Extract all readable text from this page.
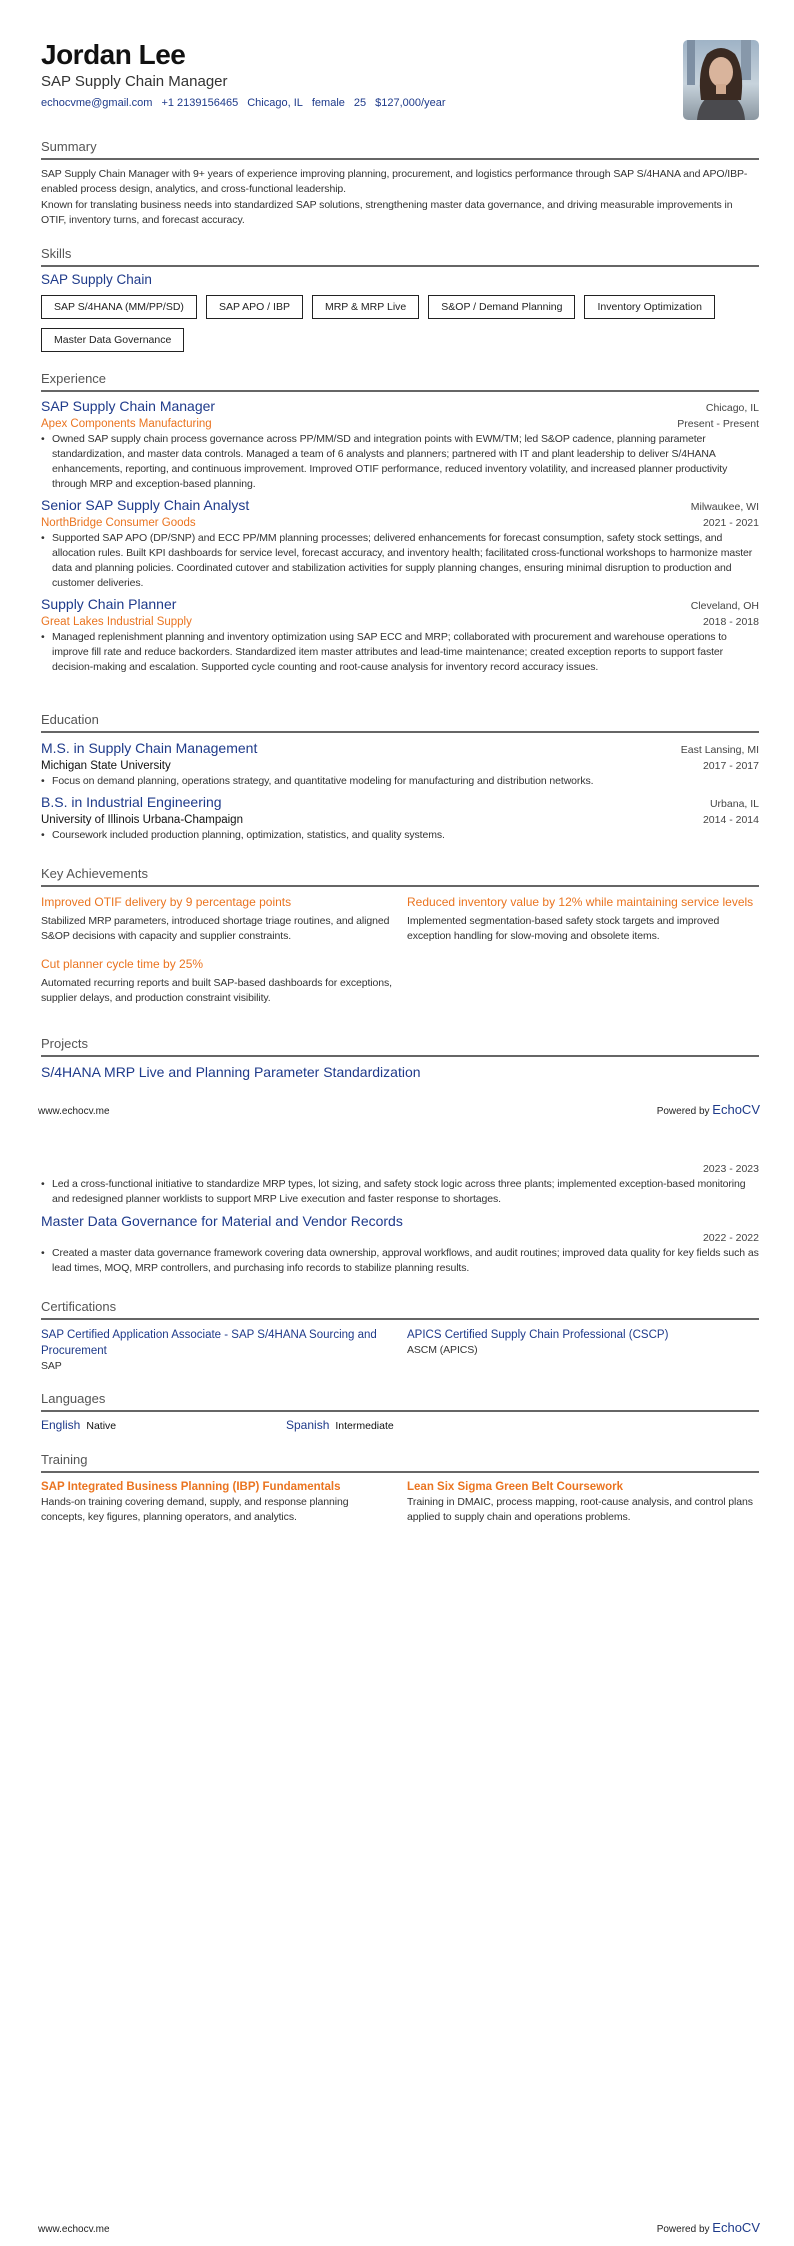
Jordan Lee
SAP Supply Chain Manager
echocvme@gmail.com +1 2139156465 Chicago, IL female 25 $127,000/year
Summary
SAP Supply Chain Manager with 9+ years of experience improving planning, procurement, and logistics performance through SAP S/4HANA and APO/IBP-enabled process design, analytics, and cross-functional leadership.
Known for translating business needs into standardized SAP solutions, strengthening master data governance, and driving measurable improvements in OTIF, inventory turns, and forecast accuracy.
Skills
SAP Supply Chain
SAP S/4HANA (MM/PP/SD)	SAP APO / IBP	MRP & MRP Live	S&OP / Demand Planning	Inventory Optimization
Master Data Governance
Experience
SAP Supply Chain Manager	Chicago, IL
Apex Components Manufacturing	Present - Present
• Owned SAP supply chain process governance across PP/MM/SD and integration points with EWM/TM; led S&OP cadence, planning parameter standardization, and master data controls. Managed a team of 6 analysts and planners; partnered with IT and plant leadership to deliver S/4HANA enhancements, reporting, and continuous improvement. Improved OTIF performance, reduced inventory volatility, and increased planner productivity through MRP and exception-based planning.
Senior SAP Supply Chain Analyst	Milwaukee, WI
NorthBridge Consumer Goods	2021 - 2021
• Supported SAP APO (DP/SNP) and ECC PP/MM planning processes; delivered enhancements for forecast consumption, safety stock settings, and allocation rules. Built KPI dashboards for service level, forecast accuracy, and inventory health; facilitated cross-functional workshops to harmonize master data and planning policies. Coordinated cutover and stabilization activities for supply planning changes, ensuring minimal disruption to production and customer deliveries.
Supply Chain Planner	Cleveland, OH
Great Lakes Industrial Supply	2018 - 2018
• Managed replenishment planning and inventory optimization using SAP ECC and MRP; collaborated with procurement and warehouse operations to improve fill rate and reduce backorders. Standardized item master attributes and lead-time maintenance; created exception reports to support faster decision-making and escalation. Supported cycle counting and root-cause analysis for inventory record accuracy issues.
Education
M.S. in Supply Chain Management	East Lansing, MI
Michigan State University	2017 - 2017
• Focus on demand planning, operations strategy, and quantitative modeling for manufacturing and distribution networks.
B.S. in Industrial Engineering	Urbana, IL
University of Illinois Urbana-Champaign	2014 - 2014
• Coursework included production planning, optimization, statistics, and quality systems.
Key Achievements
Improved OTIF delivery by 9 percentage points
Stabilized MRP parameters, introduced shortage triage routines, and aligned S&OP decisions with capacity and supplier constraints.
Reduced inventory value by 12% while maintaining service levels
Implemented segmentation-based safety stock targets and improved exception handling for slow-moving and obsolete items.
Cut planner cycle time by 25%
Automated recurring reports and built SAP-based dashboards for exceptions, supplier delays, and production constraint visibility.
Projects
S/4HANA MRP Live and Planning Parameter Standardization
www.echocv.me	Powered by EchoCV
2023 - 2023
• Led a cross-functional initiative to standardize MRP types, lot sizing, and safety stock logic across three plants; implemented exception-based monitoring and redesigned planner worklists to support MRP Live execution and faster response to shortages.
Master Data Governance for Material and Vendor Records
2022 - 2022
• Created a master data governance framework covering data ownership, approval workflows, and audit routines; improved data quality for key fields such as lead times, MOQ, MRP controllers, and purchasing info records to stabilize planning results.
Certifications
SAP Certified Application Associate - SAP S/4HANA Sourcing and Procurement
SAP
APICS Certified Supply Chain Professional (CSCP)
ASCM (APICS)
Languages
English Native	Spanish Intermediate
Training
SAP Integrated Business Planning (IBP) Fundamentals
Hands-on training covering demand, supply, and response planning concepts, key figures, planning operators, and analytics.
Lean Six Sigma Green Belt Coursework
Training in DMAIC, process mapping, root-cause analysis, and control plans applied to supply chain and operations problems.
www.echocv.me	Powered by EchoCV
